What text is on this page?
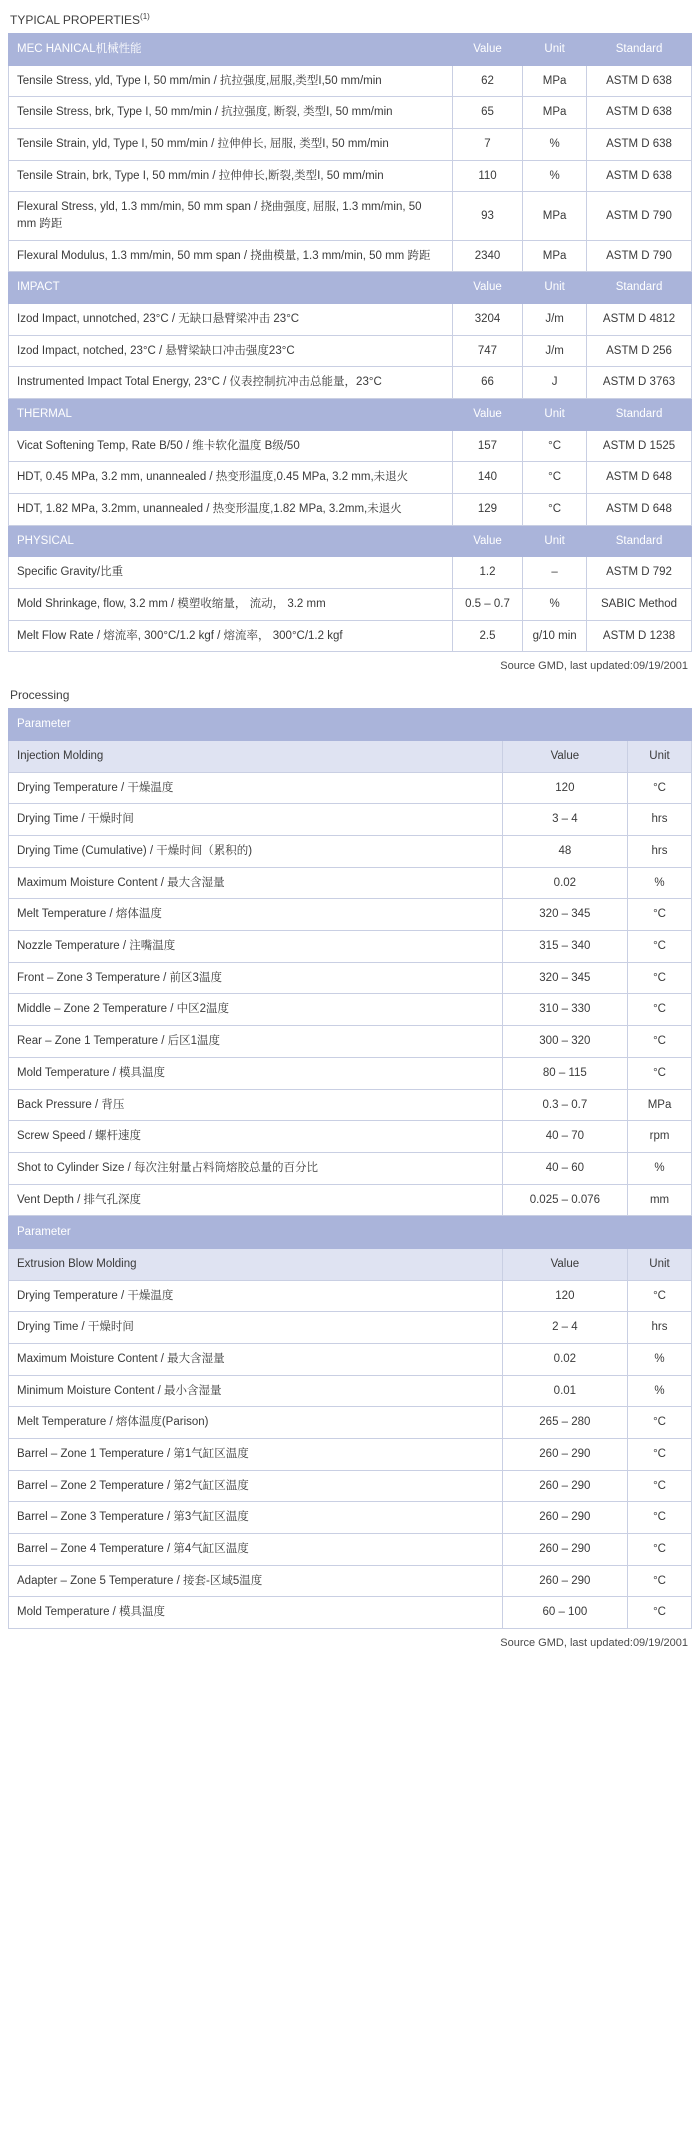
TYPICAL PROPERTIES$^{(1)}$
MEC HANICAL机械性能	Value	Unit	Standard
Tensile Stress, yld, Type I, 50 mm/min / 抗拉强度,屈服,类型I,50 mm/min	62	MPa	ASTM D 638
Tensile Stress, brk, Type I, 50 mm/min / 抗拉强度, 断裂, 类型I, 50 mm/min	65	MPa	ASTM D 638
Tensile Strain, yld, Type I, 50 mm/min / 拉伸伸长, 屈服, 类型I, 50 mm/min	7	%	ASTM D 638
Tensile Strain, brk, Type I, 50 mm/min / 拉伸伸长,断裂,类型I, 50 mm/min	110	%	ASTM D 638
Flexural Stress, yld, 1.3 mm/min, 50 mm span / 挠曲强度, 屈服, 1.3 mm/min, 50 mm 跨距	93	MPa	ASTM D 790
Flexural Modulus, 1.3 mm/min, 50 mm span / 挠曲模量, 1.3 mm/min, 50 mm 跨距	2340	MPa	ASTM D 790
IMPACT	Value	Unit	Standard
Izod Impact, unnotched, 23°C / 无缺口悬臂梁冲击 23°C	3204	J/m	ASTM D 4812
Izod Impact, notched, 23°C / 悬臂梁缺口冲击强度23°C	747	J/m	ASTM D 256
Instrumented Impact Total Energy, 23°C / 仪表控制抗冲击总能量，23°C	66	J	ASTM D 3763
THERMAL	Value	Unit	Standard
Vicat Softening Temp, Rate B/50 / 维卡软化温度 B级/50	157	°C	ASTM D 1525
HDT, 0.45 MPa, 3.2 mm, unannealed / 热变形温度,0.45 MPa, 3.2 mm,未退火	140	°C	ASTM D 648
HDT, 1.82 MPa, 3.2mm, unannealed / 热变形温度,1.82 MPa, 3.2mm,未退火	129	°C	ASTM D 648
PHYSICAL	Value	Unit	Standard
Specific Gravity/比重	1.2	–	ASTM D 792
Mold Shrinkage, flow, 3.2 mm / 模塑收缩量， 流动， 3.2 mm	0.5 – 0.7	%	SABIC Method
Melt Flow Rate / 熔流率, 300°C/1.2 kgf / 熔流率， 300°C/1.2 kgf	2.5	g/10 min	ASTM D 1238
Source GMD, last updated:09/19/2001
Processing
Parameter		
Injection Molding	Value	Unit
Drying Temperature / 干燥温度	120	°C
Drying Time / 干燥时间	3 – 4	hrs
Drying Time (Cumulative) / 干燥时间（累积的)	48	hrs
Maximum Moisture Content / 最大含湿量	0.02	%
Melt Temperature / 熔体温度	320 – 345	°C
Nozzle Temperature / 注嘴温度	315 – 340	°C
Front – Zone 3 Temperature / 前区3温度	320 – 345	°C
Middle – Zone 2 Temperature / 中区2温度	310 – 330	°C
Rear – Zone 1 Temperature / 后区1温度	300 – 320	°C
Mold Temperature / 模具温度	80 – 115	°C
Back Pressure / 背压	0.3 – 0.7	MPa
Screw Speed / 螺杆速度	40 – 70	rpm
Shot to Cylinder Size / 每次注射量占料筒熔胶总量的百分比	40 – 60	%
Vent Depth / 排气孔深度	0.025 – 0.076	mm
Parameter		
Extrusion Blow Molding	Value	Unit
Drying Temperature / 干燥温度	120	°C
Drying Time / 干燥时间	2 – 4	hrs
Maximum Moisture Content / 最大含湿量	0.02	%
Minimum Moisture Content / 最小含湿量	0.01	%
Melt Temperature / 熔体温度(Parison)	265 – 280	°C
Barrel – Zone 1 Temperature / 第1气缸区温度	260 – 290	°C
Barrel – Zone 2 Temperature / 第2气缸区温度	260 – 290	°C
Barrel – Zone 3 Temperature / 第3气缸区温度	260 – 290	°C
Barrel – Zone 4 Temperature / 第4气缸区温度	260 – 290	°C
Adapter – Zone 5 Temperature / 接套-区域5温度	260 – 290	°C
Mold Temperature / 模具温度	60 – 100	°C
Source GMD, last updated:09/19/2001
